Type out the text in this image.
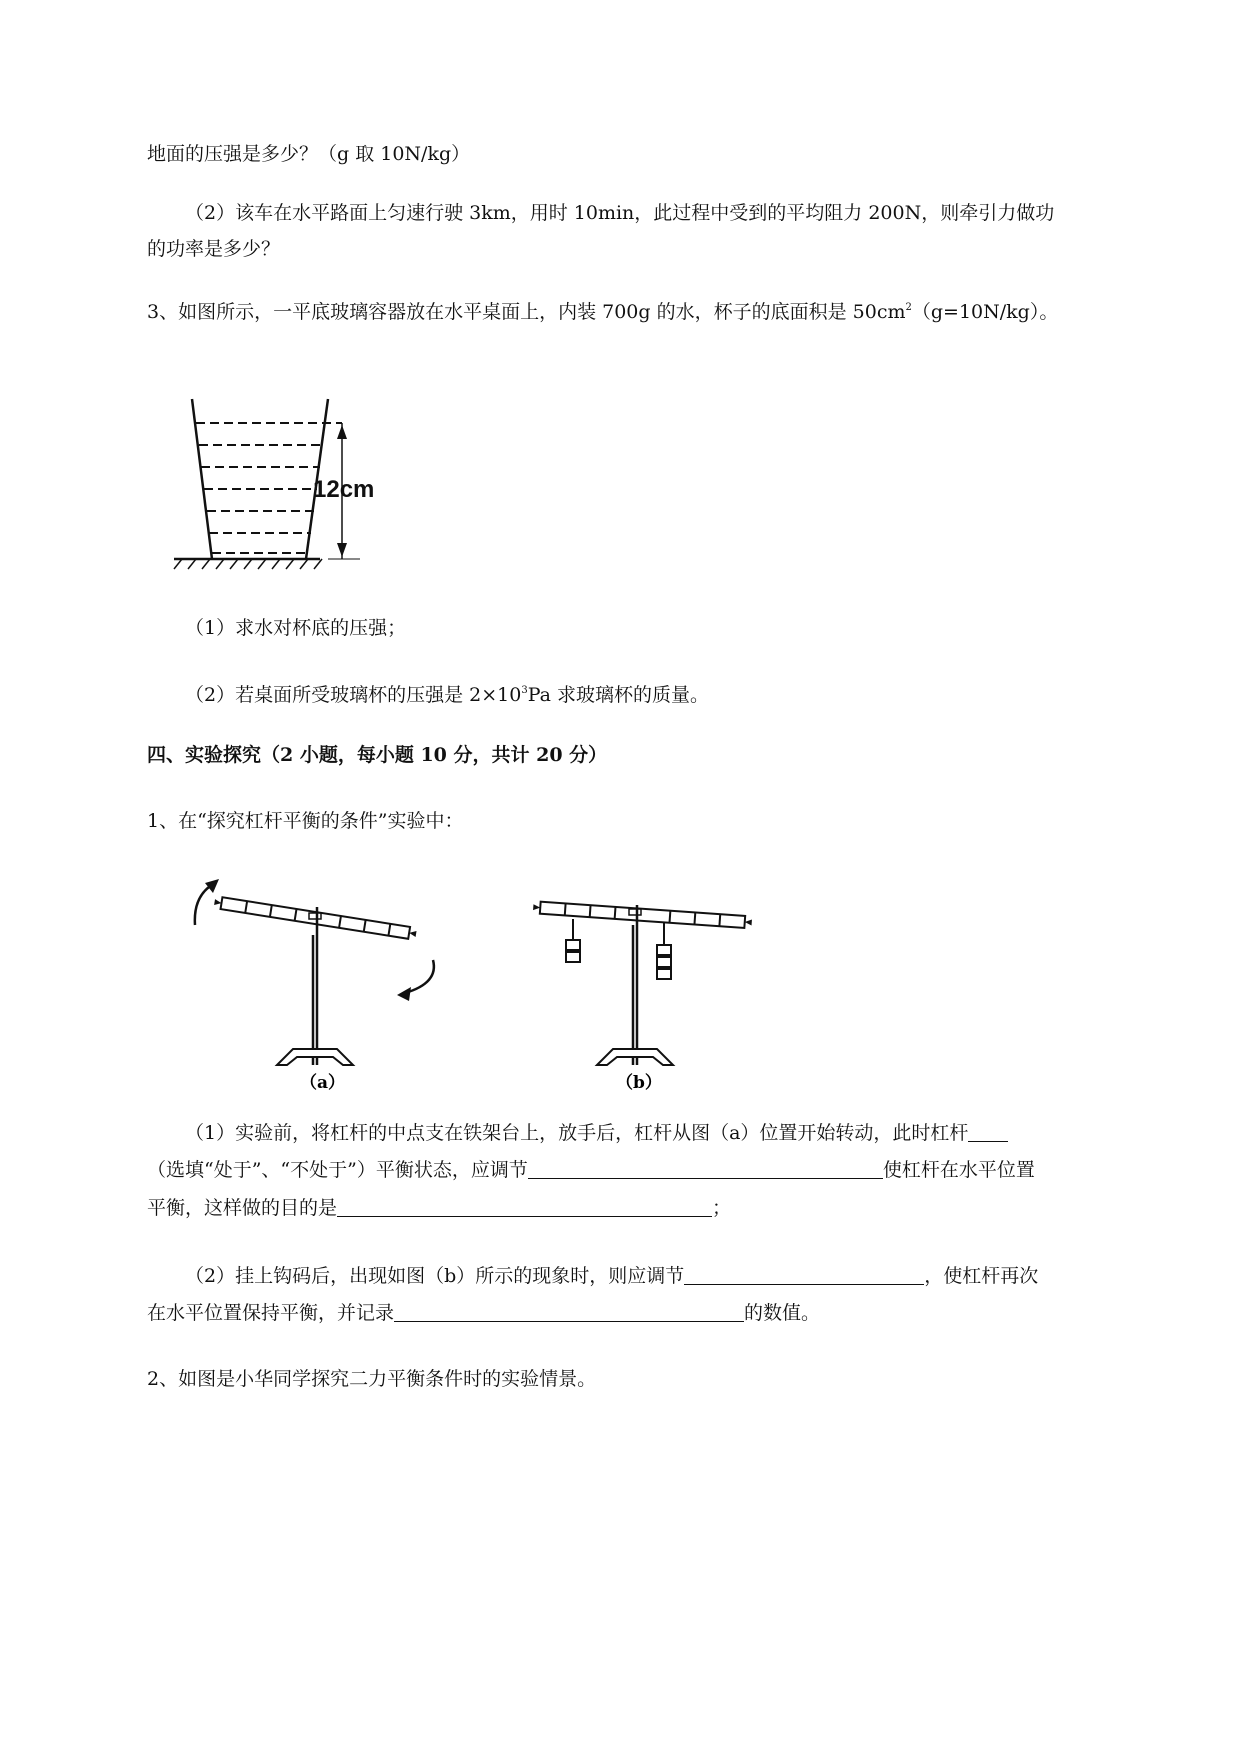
地面的压强是多少？（g 取 10N/kg）
（2）该车在水平路面上匀速行驶 3km，用时 10min，此过程中受到的平均阻力 200N，则牵引力做功
的功率是多少？
3、如图所示，一平底玻璃容器放在水平桌面上，内装 700g 的水，杯子的底面积是 $50cm^2(g=10N/kg)$。
12cm
（1）求水对杯底的压强；
（2）若桌面所受玻璃杯的压强是 $2\times 10^3Pa$ 求玻璃杯的质量。
四、实验探究（2 小题，每小题 10 分，共计 20 分）
1、在“探究杠杆平衡的条件”实验中：
（a）	（b）
（1）实验前，将杠杆的中点支在铁架台上，放手后，杠杆从图（a）位置开始转动，此时杠杆
（选填“处于”、“不处于”）平衡状态，应调节	使杠杆在水平位置
平衡，这样做的目的是	；
（2）挂上钩码后，出现如图（b）所示的现象时，则应调节	，使杠杆再次
在水平位置保持平衡，并记录	的数值。
2、如图是小华同学探究二力平衡条件时的实验情景。
